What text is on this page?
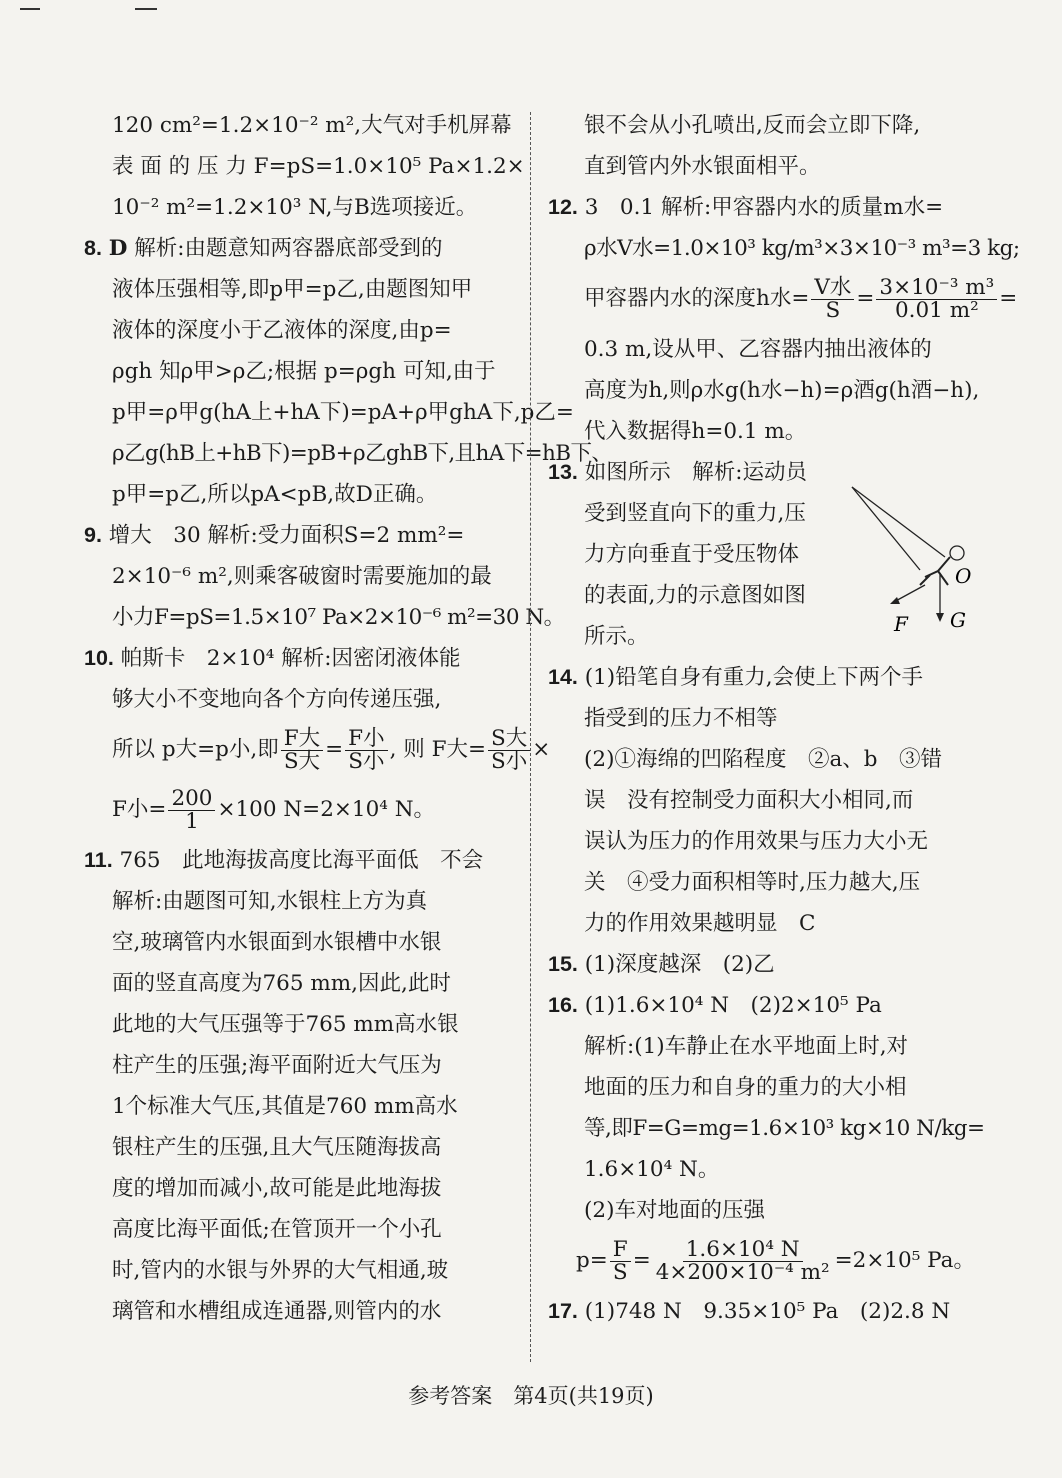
120 cm²=1.2×10⁻² m²,大气对手机屏幕
表 面 的 压 力 F=pS=1.0×10⁵ Pa×1.2×
10⁻² m²=1.2×10³ N,与B选项接近。
8. D 解析:由题意知两容器底部受到的
液体压强相等,即p甲=p乙,由题图知甲
液体的深度小于乙液体的深度,由p=
ρgh 知ρ甲>ρ乙;根据 p=ρgh 可知,由于
p甲=ρ甲g(hA上+hA下)=pA+ρ甲ghA下,p乙=
ρ乙g(hB上+hB下)=pB+ρ乙ghB下,且hA下=hB下、
p甲=p乙,所以pA<pB,故D正确。
9. 增大　30 解析:受力面积S=2 mm²=
2×10⁻⁶ m²,则乘客破窗时需要施加的最
小力F=pS=1.5×10⁷ Pa×2×10⁻⁶ m²=30 N。
10. 帕斯卡　2×10⁴ 解析:因密闭液体能
够大小不变地向各个方向传递压强,
所以 p大=p小,即 $\frac{\text{F大}}{\text{S大}} = \frac{\text{F小}}{\text{S小}}$ , 则 F大= $\frac{\text{S大}}{\text{S小}}$ ×
F小= $\frac{200}{1} \times 100$ N=2×10⁴ N。
11. 765　此地海拔高度比海平面低　不会
解析:由题图可知,水银柱上方为真
空,玻璃管内水银面到水银槽中水银
面的竖直高度为765 mm,因此,此时
此地的大气压强等于765 mm高水银
柱产生的压强;海平面附近大气压为
1个标准大气压,其值是760 mm高水
银柱产生的压强,且大气压随海拔高
度的增加而减小,故可能是此地海拔
高度比海平面低;在管顶开一个小孔
时,管内的水银与外界的大气相通,玻
璃管和水槽组成连通器,则管内的水
银不会从小孔喷出,反而会立即下降,
直到管内外水银面相平。
12. 3　0.1 解析:甲容器内水的质量m水=
ρ水V水=1.0×10³ kg/m³×3×10⁻³ m³=3 kg;
甲容器内水的深度h水= $\frac{\text{V水}}{S} = \frac{\text{3×10⁻³ m³}}{\text{0.01 m²}}$ =
0.3 m,设从甲、乙容器内抽出液体的
高度为h,则ρ水g(h水−h)=ρ酒g(h酒−h),
代入数据得h=0.1 m。
13. 如图所示　解析:运动员
受到竖直向下的重力,压
力方向垂直于受压物体
的表面,力的示意图如图
所示。
14. (1)铅笔自身有重力,会使上下两个手
指受到的压力不相等
(2)①海绵的凹陷程度　②a、b　③错
误　没有控制受力面积大小相同,而
误认为压力的作用效果与压力大小无
关　④受力面积相等时,压力越大,压
力的作用效果越明显　C
15. (1)深度越深　(2)乙
16. (1)1.6×10⁴ N　(2)2×10⁵ Pa
解析:(1)车静止在水平地面上时,对
地面的压力和自身的重力的大小相
等,即F=G=mg=1.6×10³ kg×10 N/kg=
1.6×10⁴ N。
(2)车对地面的压强
$p= \frac{F}{S} = \frac{\text{1.6×10⁴ N}}{\text{4×200×10⁻⁴ m²}} =2\times 10^5$ Pa。
17. (1)748 N　9.35×10⁵ Pa　(2)2.8 N
O
F G
参考答案　第4页(共19页)
